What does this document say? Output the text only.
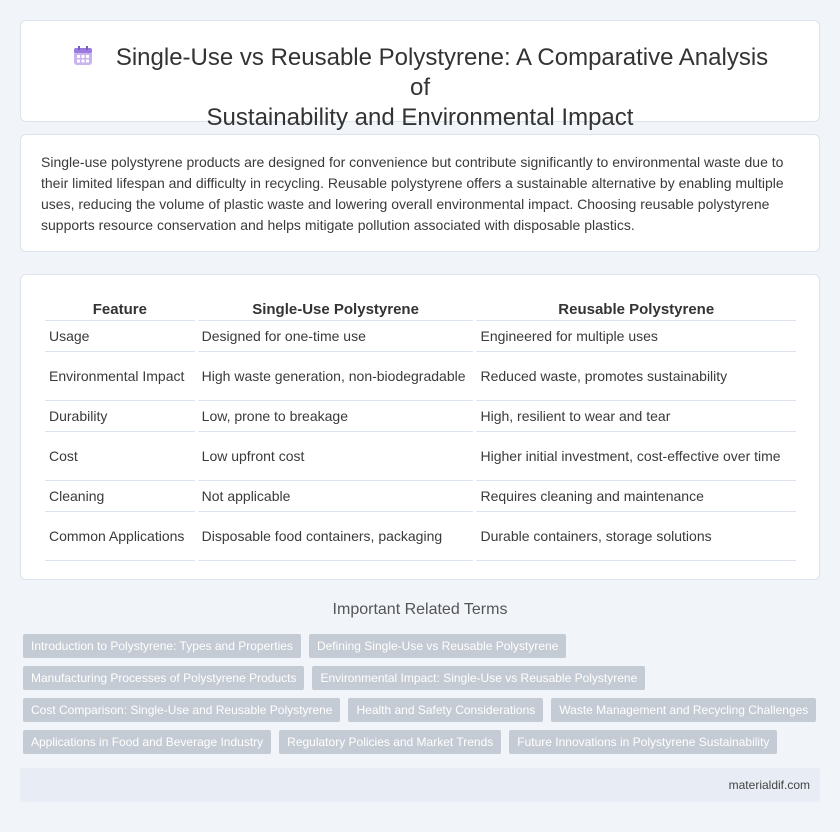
Single-Use vs Reusable Polystyrene: A Comparative Analysis of
Sustainability and Environmental Impact

Single-use polystyrene products are designed for convenience but contribute significantly to environmental waste due to their limited lifespan and difficulty in recycling. Reusable polystyrene offers a sustainable alternative by enabling multiple uses, reducing the volume of plastic waste and lowering overall environmental impact. Choosing reusable polystyrene supports resource conservation and helps mitigate pollution associated with disposable plastics.

Feature	Single-Use Polystyrene	Reusable Polystyrene
Usage	Designed for one-time use	Engineered for multiple uses
Environmental Impact	High waste generation, non-biodegradable	Reduced waste, promotes sustainability
Durability	Low, prone to breakage	High, resilient to wear and tear
Cost	Low upfront cost	Higher initial investment, cost-effective over time
Cleaning	Not applicable	Requires cleaning and maintenance
Common Applications	Disposable food containers, packaging	Durable containers, storage solutions
Important Related Terms
Introduction to Polystyrene: Types and Properties	Defining Single-Use vs Reusable Polystyrene
Manufacturing Processes of Polystyrene Products	Environmental Impact: Single-Use vs Reusable Polystyrene
Cost Comparison: Single-Use and Reusable Polystyrene	Health and Safety Considerations	Waste Management and Recycling Challenges
Applications in Food and Beverage Industry	Regulatory Policies and Market Trends	Future Innovations in Polystyrene Sustainability
materialdif.com
